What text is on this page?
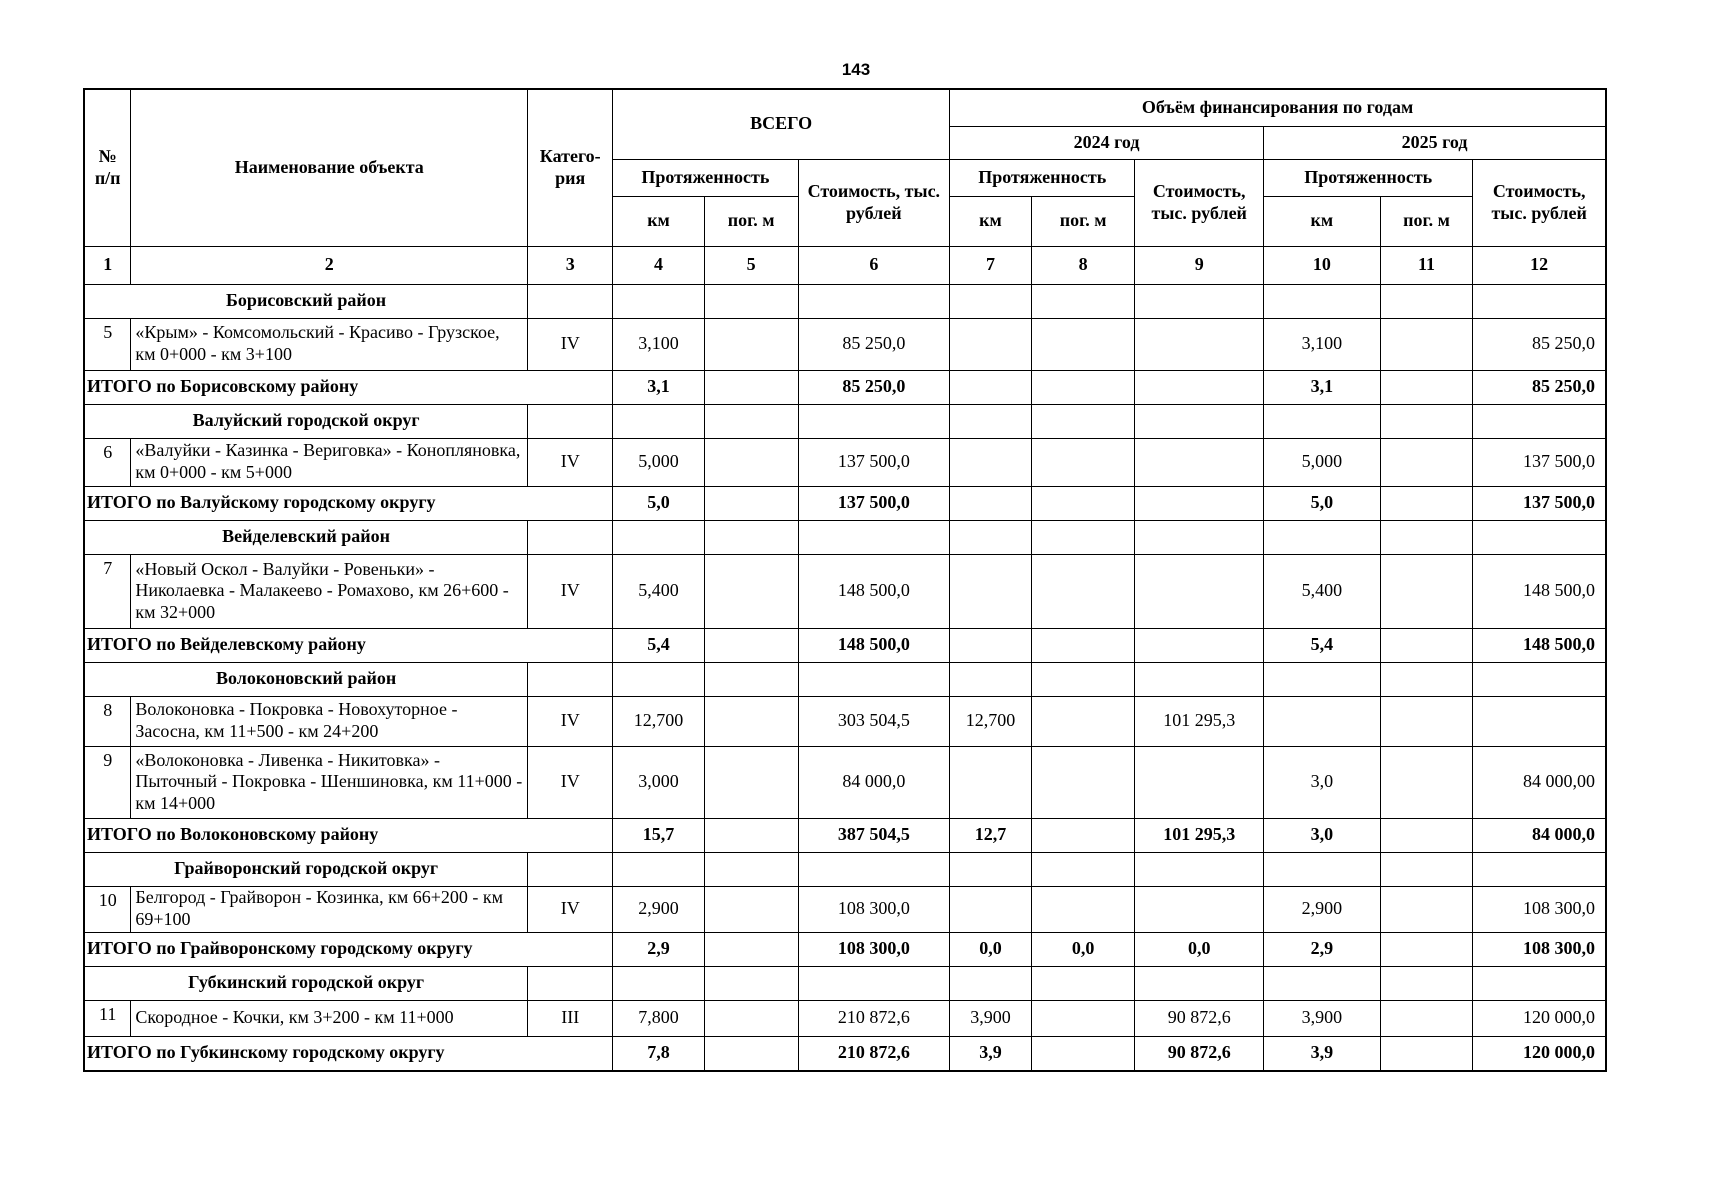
143
№ п/п	Наименование объекта	Катего- рия	ВСЕГО			Объём финансирования по годам					
						2024 год			2025 год		
			Протяженность		Стоимость, тыс. рублей	Протяженность		Стоимость, тыс. рублей	Протяженность		Стоимость, тыс. рублей
			км	пог. м		км	пог. м		км	пог. м	
1	2	3	4	5	6	7	8	9	10	11	12
Борисовский район											
5	«Крым» - Комсомольский - Красиво - Грузское, км 0+000 - км 3+100	IV	3,100		85 250,0				3,100		85 250,0
ИТОГО по Борисовскому району			3,1		85 250,0				3,1		85 250,0
Валуйский городской округ											
6	«Валуйки - Казинка - Вериговка» - Конопляновка, км 0+000 - км 5+000	IV	5,000		137 500,0				5,000		137 500,0
ИТОГО по Валуйскому городскому округу			5,0		137 500,0				5,0		137 500,0
Вейделевский район											
7	«Новый Оскол - Валуйки - Ровеньки» - Николаевка - Малакеево - Ромахово, км 26+600 - км 32+000	IV	5,400		148 500,0				5,400		148 500,0
ИТОГО по Вейделевскому району			5,4		148 500,0				5,4		148 500,0
Волоконовский район											
8	Волоконовка - Покровка - Новохуторное - Засосна, км 11+500 - км 24+200	IV	12,700		303 504,5	12,700		101 295,3			
9	«Волоконовка - Ливенка - Никитовка» - Пыточный - Покровка - Шеншиновка, км 11+000 - км 14+000	IV	3,000		84 000,0				3,0		84 000,00
ИТОГО по Волоконовскому району			15,7		387 504,5	12,7		101 295,3	3,0		84 000,0
Грайворонский городской округ											
10	Белгород - Грайворон - Козинка, км 66+200 - км 69+100	IV	2,900		108 300,0				2,900		108 300,0
ИТОГО по Грайворонскому городскому округу			2,9		108 300,0	0,0	0,0	0,0	2,9		108 300,0
Губкинский городской округ											
11	Скородное - Кочки, км 3+200 - км 11+000	III	7,800		210 872,6	3,900		90 872,6	3,900		120 000,0
ИТОГО по Губкинскому городскому округу			7,8		210 872,6	3,9		90 872,6	3,9		120 000,0
